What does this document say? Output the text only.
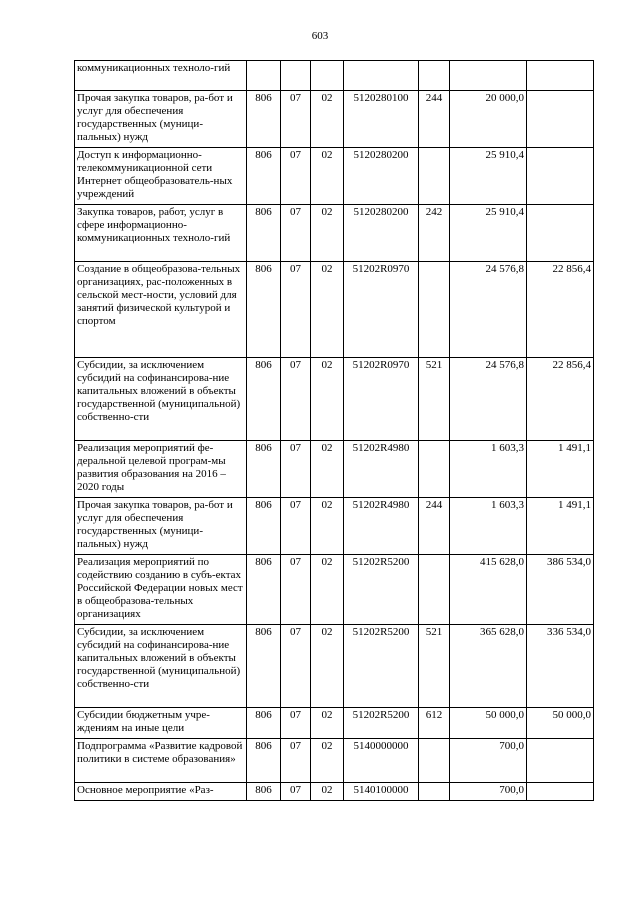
603
коммуникационных техноло-гий							
Прочая закупка товаров, ра-бот и услуг для обеспечения государственных (муници-пальных) нужд	806	07	02	5120280100	244	20 000,0	
Доступ к информационно-телекоммуникационной сети Интернет общеобразователь-ных учреждений	806	07	02	5120280200		25 910,4	
Закупка товаров, работ, услуг в сфере информационно-коммуникационных техноло-гий	806	07	02	5120280200	242	25 910,4	
Создание в общеобразова-тельных организациях, рас-положенных в сельской мест-ности, условий для занятий физической культурой и спортом	806	07	02	51202R0970		24 576,8	22 856,4
Субсидии, за исключением субсидий на софинансирова-ние капитальных вложений в объекты государственной (муниципальной) собственно-сти	806	07	02	51202R0970	521	24 576,8	22 856,4
Реализация мероприятий фе-деральной целевой програм-мы развития образования на 2016 – 2020 годы	806	07	02	51202R4980		1 603,3	1 491,1
Прочая закупка товаров, ра-бот и услуг для обеспечения государственных (муници-пальных) нужд	806	07	02	51202R4980	244	1 603,3	1 491,1
Реализация мероприятий по содействию созданию в субъ-ектах Российской Федерации новых мест в общеобразова-тельных организациях	806	07	02	51202R5200		415 628,0	386 534,0
Субсидии, за исключением субсидий на софинансирова-ние капитальных вложений в объекты государственной (муниципальной) собственно-сти	806	07	02	51202R5200	521	365 628,0	336 534,0
Субсидии бюджетным учре-ждениям на иные цели	806	07	02	51202R5200	612	50 000,0	50 000,0
Подпрограмма «Развитие кадровой политики в системе образования»	806	07	02	5140000000		700,0	
Основное мероприятие «Раз-	806	07	02	5140100000		700,0	
